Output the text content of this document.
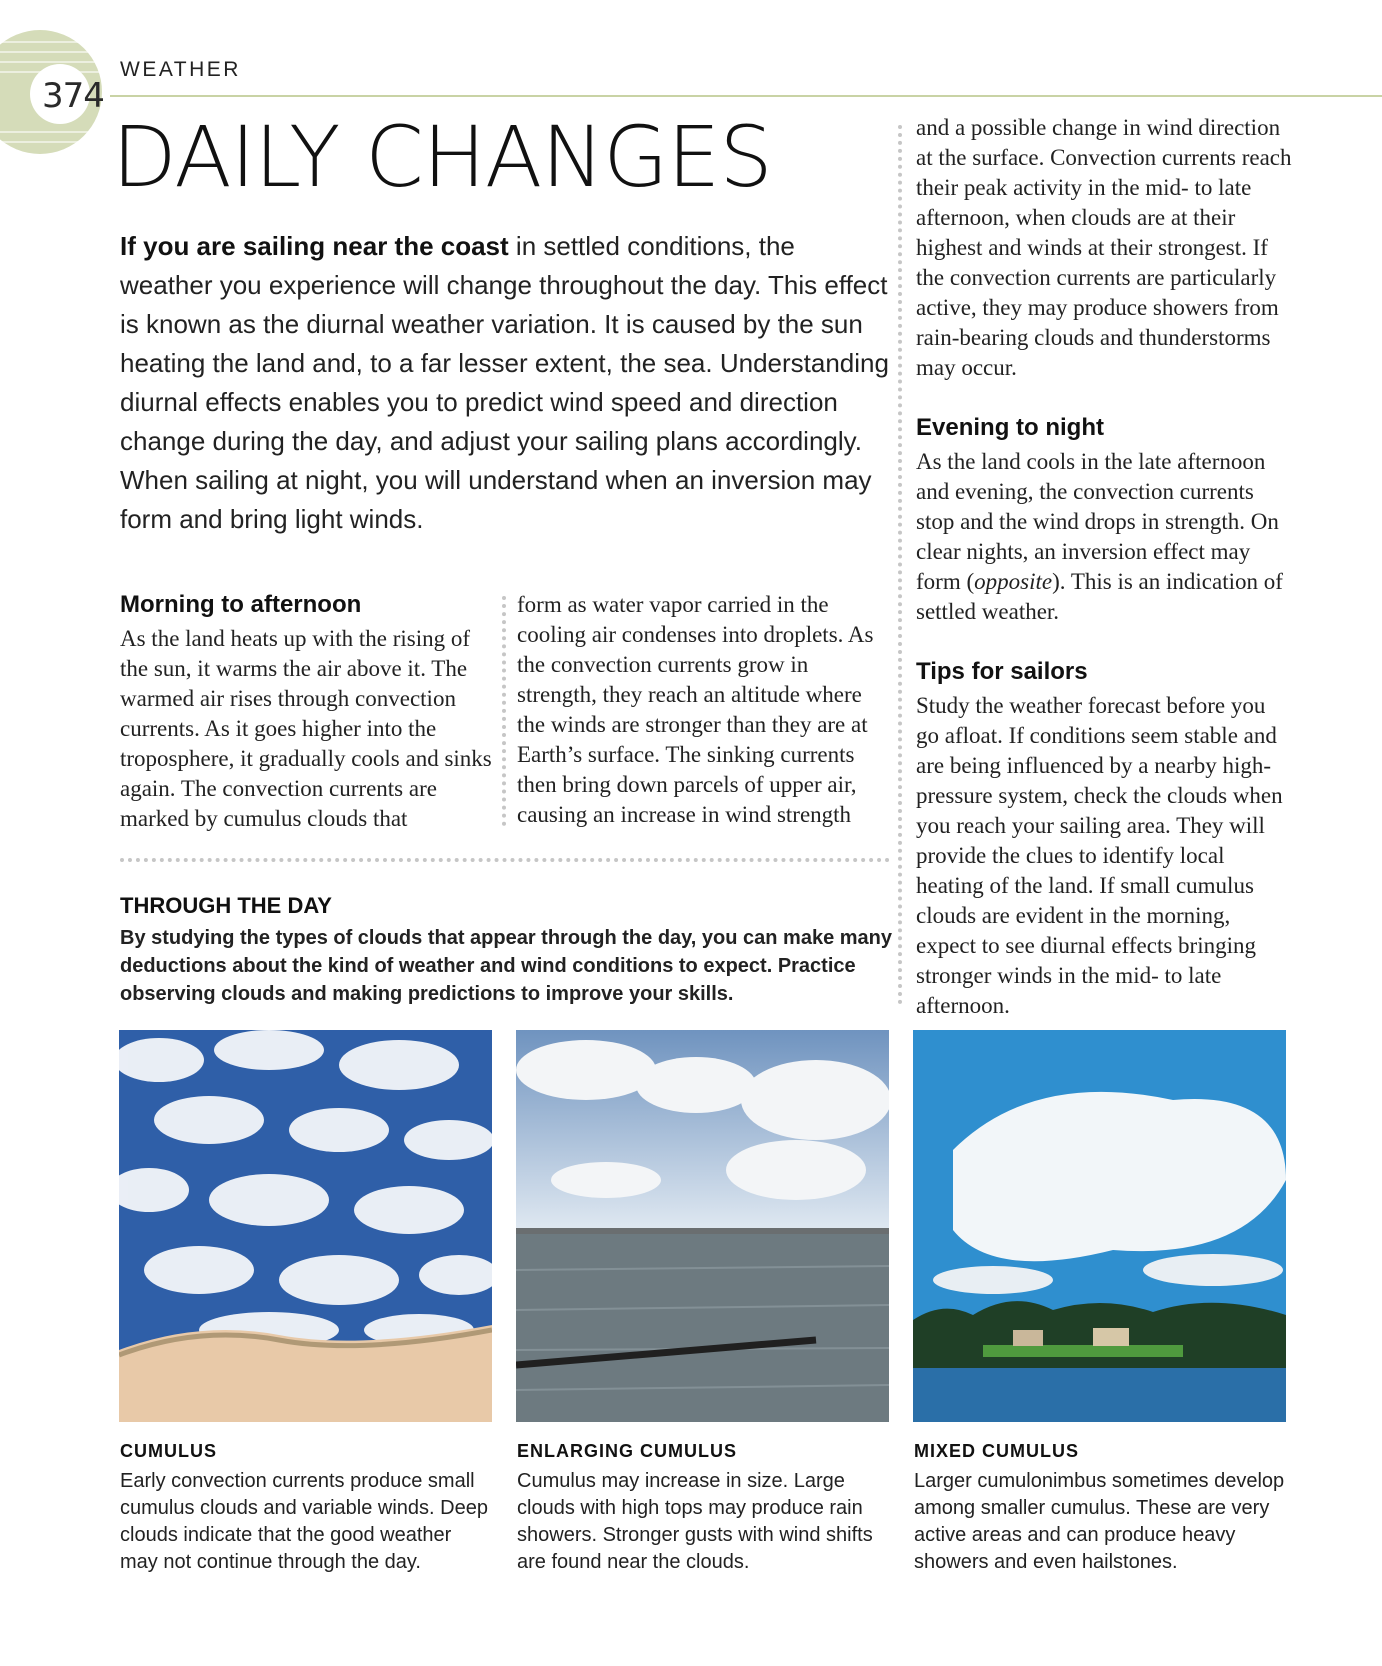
374
WEATHER
DAILY CHANGES

If you are sailing near the coast in settled conditions, the weather you experience will change throughout the day. This effect is known as the diurnal weather variation. It is caused by the sun heating the land and, to a far lesser extent, the sea. Understanding diurnal effects enables you to predict wind speed and direction change during the day, and adjust your sailing plans accordingly. When sailing at night, you will understand when an inversion may form and bring light winds.

Morning to afternoon
As the land heats up with the rising of the sun, it warms the air above it. The warmed air rises through convection currents. As it goes higher into the troposphere, it gradually cools and sinks again. The convection currents are marked by cumulus clouds that
form as water vapor carried in the cooling air condenses into droplets. As the convection currents grow in strength, they reach an altitude where the winds are stronger than they are at Earth’s surface. The sinking currents then bring down parcels of upper air, causing an increase in wind strength
and a possible change in wind direction at the surface. Convection currents reach their peak activity in the mid- to late afternoon, when clouds are at their highest and winds at their strongest. If the convection currents are particularly active, they may produce showers from rain-bearing clouds and thunderstorms may occur.
Evening to night
As the land cools in the late afternoon and evening, the convection currents stop and the wind drops in strength. On clear nights, an inversion effect may form (opposite). This is an indication of settled weather.
Tips for sailors
Study the weather forecast before you go afloat. If conditions seem stable and are being influenced by a nearby high-pressure system, check the clouds when you reach your sailing area. They will provide the clues to identify local heating of the land. If small cumulus clouds are evident in the morning, expect to see diurnal effects bringing stronger winds in the mid- to late afternoon.
THROUGH THE DAY
By studying the types of clouds that appear through the day, you can make many deductions about the kind of weather and wind conditions to expect. Practice observing clouds and making predictions to improve your skills.
CUMULUS
Early convection currents produce small cumulus clouds and variable winds. Deep clouds indicate that the good weather may not continue through the day.
ENLARGING CUMULUS
Cumulus may increase in size. Large clouds with high tops may produce rain showers. Stronger gusts with wind shifts are found near the clouds.
MIXED CUMULUS
Larger cumulonimbus sometimes develop among smaller cumulus. These are very active areas and can produce heavy showers and even hailstones.
